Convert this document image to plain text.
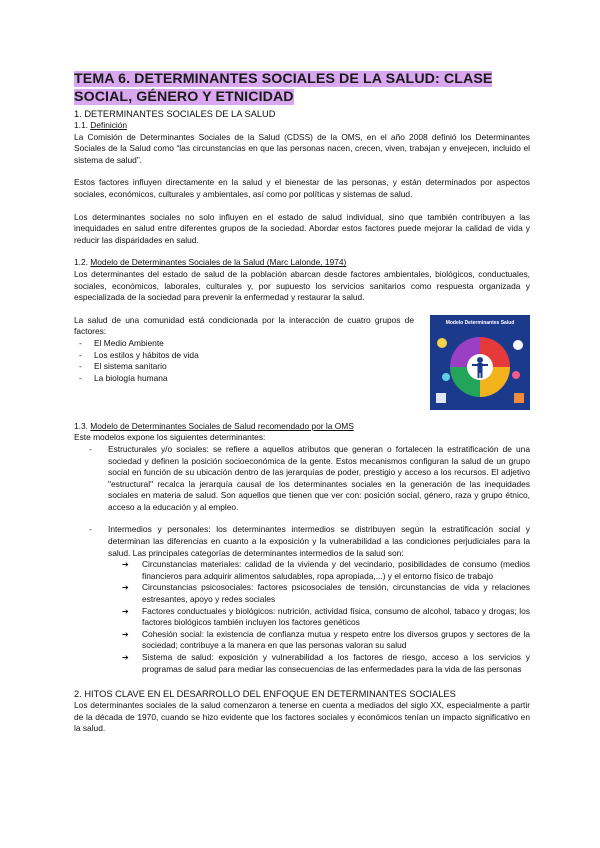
TEMA 6. DETERMINANTES SOCIALES DE LA SALUD: CLASE SOCIAL, GÉNERO Y ETNICIDAD
1. DETERMINANTES SOCIALES DE LA SALUD
1.1. Definición
La Comisión de Determinantes Sociales de la Salud (CDSS) de la OMS, en el año 2008 definió los Determinantes Sociales de la Salud como “las circunstancias en que las personas nacen, crecen, viven, trabajan y envejecen, incluido el sistema de salud”.
Estos factores influyen directamente en la salud y el bienestar de las personas, y están determinados por aspectos sociales, económicos, culturales y ambientales, así como por políticas y sistemas de salud.
Los determinantes sociales no solo influyen en el estado de salud individual, sino que también contribuyen a las inequidades en salud entre diferentes grupos de la sociedad. Abordar estos factores puede mejorar la calidad de vida y reducir las disparidades en salud.
1.2. Modelo de Determinantes Sociales de la Salud (Marc Lalonde, 1974)
Los determinantes del estado de salud de la población abarcan desde factores ambientales, biológicos, conductuales, sociales, económicos, laborales, culturales y, por supuesto los servicios sanitarios como respuesta organizada y especializada de la sociedad para prevenir la enfermedad y restaurar la salud.
La salud de una comunidad está condicionada por la interacción de cuatro grupos de factores:
- El Medio Ambiente
- Los estilos y hábitos de vida
- El sistema sanitario
- La biología humana
Modelo Determinantes Salud
1.3. Modelo de Determinantes Sociales de Salud recomendado por la OMS
Este modelos expone los siguientes determinantes:
- Estructurales y/o sociales: se refiere a aquellos atributos que generan o fortalecen la estratificación de una sociedad y definen la posición socioeconómica de la gente. Estos mecanismos configuran la salud de un grupo social en función de su ubicación dentro de las jerarquías de poder, prestigio y acceso a los recursos. El adjetivo "estructural" recalca la jerarquía causal de los determinantes sociales en la generación de las inequidades sociales en materia de salud. Son aquellos que tienen que ver con: posición social, género, raza y grupo étnico, acceso a la educación y al empleo.
- Intermedios y personales: los determinantes intermedios se distribuyen según la estratificación social y determinan las diferencias en cuanto a la exposición y la vulnerabilidad a las condiciones perjudiciales para la salud. Las principales categorías de determinantes intermedios de la salud son:
➔ Circunstancias materiales: calidad de la vivienda y del vecindario, posibilidades de consumo (medios financieros para adquirir alimentos saludables, ropa apropiada,...) y el entorno físico de trabajo
➔ Circunstancias psicosociales: factores psicosociales de tensión, circunstancias de vida y relaciones estresantes, apoyo y redes sociales
➔ Factores conductuales y biológicos: nutrición, actividad física, consumo de alcohol, tabaco y drogas; los factores biológicos también incluyen los factores genéticos
➔ Cohesión social: la existencia de confianza mutua y respeto entre los diversos grupos y sectores de la sociedad; contribuye a la manera en que las personas valoran su salud
➔ Sistema de salud: exposición y vulnerabilidad a los factores de riesgo, acceso a los servicios y programas de salud para mediar las consecuencias de las enfermedades para la vida de las personas
2. HITOS CLAVE EN EL DESARROLLO DEL ENFOQUE EN DETERMINANTES SOCIALES
Los determinantes sociales de la salud comenzaron a tenerse en cuenta a mediados del siglo XX, especialmente a partir de la década de 1970, cuando se hizo evidente que los factores sociales y económicos tenían un impacto significativo en la salud.
